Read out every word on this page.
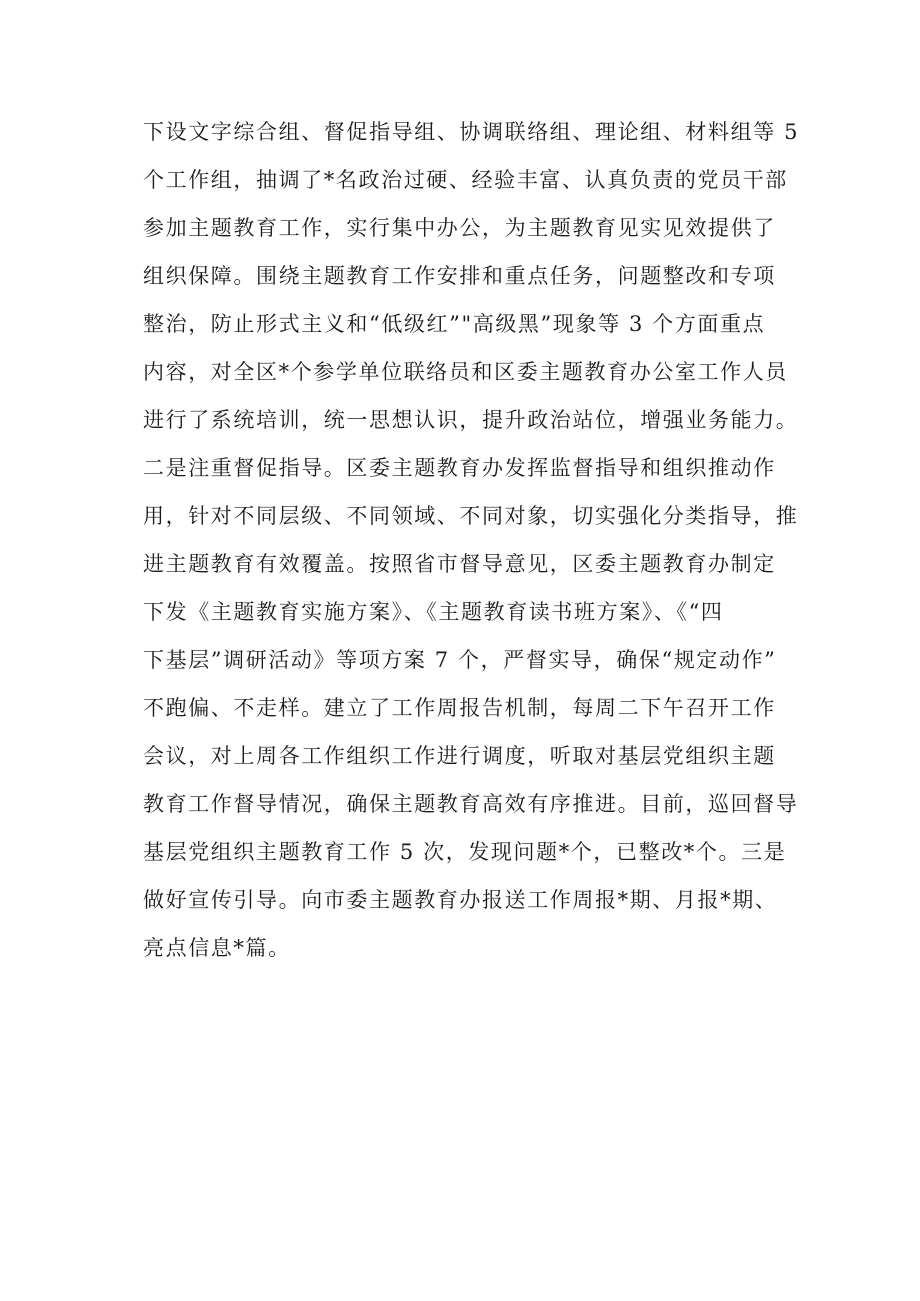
下设文字综合组、督促指导组、协调联络组、理论组、材料组等 5
个工作组，抽调了*名政治过硬、经验丰富、认真负责的党员干部
参加主题教育工作，实行集中办公，为主题教育见实见效提供了
组织保障。围绕主题教育工作安排和重点任务，问题整改和专项
整治，防止形式主义和“低级红”"高级黑”现象等 3 个方面重点
内容，对全区*个参学单位联络员和区委主题教育办公室工作人员
进行了系统培训，统一思想认识，提升政治站位，增强业务能力。
二是注重督促指导。区委主题教育办发挥监督指导和组织推动作
用，针对不同层级、不同领域、不同对象，切实强化分类指导，推
进主题教育有效覆盖。按照省市督导意见，区委主题教育办制定
下发《主题教育实施方案》、《主题教育读书班方案》、《“四
下基层”调研活动》等项方案 7 个，严督实导，确保“规定动作”
不跑偏、不走样。建立了工作周报告机制，每周二下午召开工作
会议，对上周各工作组织工作进行调度，听取对基层党组织主题
教育工作督导情况，确保主题教育高效有序推进。目前，巡回督导
基层党组织主题教育工作 5 次，发现问题*个，已整改*个。三是
做好宣传引导。向市委主题教育办报送工作周报*期、月报*期、
亮点信息*篇。
